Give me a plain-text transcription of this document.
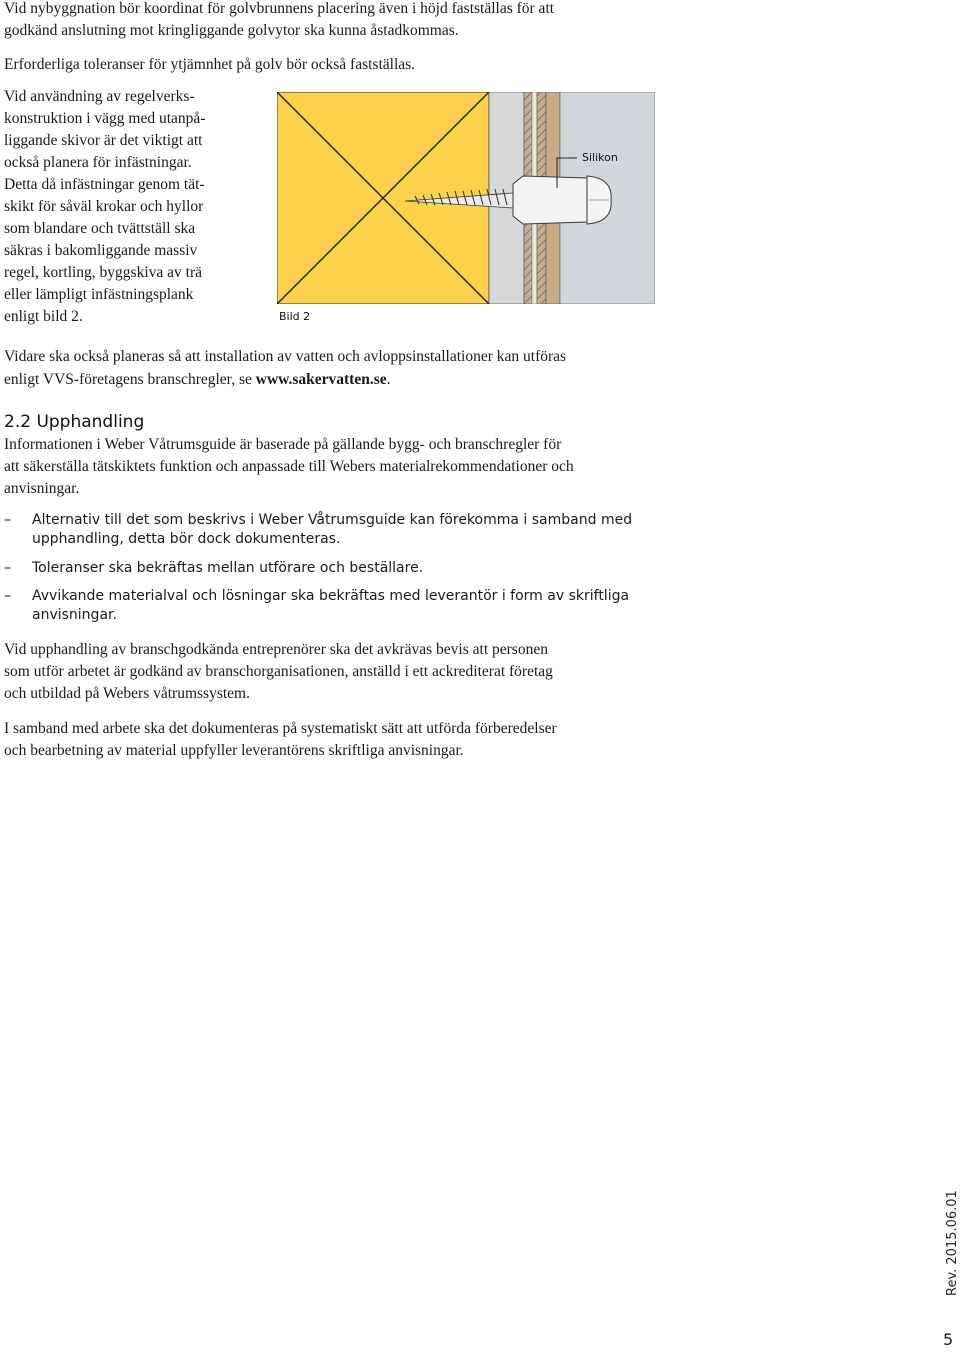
Vid nybyggnation bör koordinat för golvbrunnens placering även i höjd fastställas för att

godkänd anslutning mot kringliggande golvytor ska kunna åstadkommas.

Erforderliga toleranser för ytjämnhet på golv bör också fastställas.

Vid användning av regelverks-
konstruktion i vägg med utanpå-
liggande skivor är det viktigt att
också planera för infästningar.
Detta då infästningar genom tät-
skikt för såväl krokar och hyllor
som blandare och tvättställ ska
säkras i bakomliggande massiv
regel, kortling, byggskiva av trä
eller lämpligt infästningsplank
enligt bild 2.
Silikon
Bild 2

Vidare ska också planeras så att installation av vatten och avloppsinstallationer kan utföras

enligt VVS-företagens branschregler, se www.sakervatten.se.

2.2 Upphandling
Informationen i Weber Våtrumsguide är baserade på gällande bygg- och branschregler för
att säkerställa tätskiktets funktion och anpassade till Webers materialrekommendationer och
anvisningar.
– Alternativ till det som beskrivs i Weber Våtrumsguide kan förekomma i samband med
upphandling, detta bör dock dokumenteras.
– Toleranser ska bekräftas mellan utförare och beställare.
– Avvikande materialval och lösningar ska bekräftas med leverantör i form av skriftliga
anvisningar.
Vid upphandling av branschgodkända entreprenörer ska det avkrävas bevis att personen
som utför arbetet är godkänd av branschorganisationen, anställd i ett ackrediterat företag
och utbildad på Webers våtrumssystem.
I samband med arbete ska det dokumenteras på systematiskt sätt att utförda förberedelser
och bearbetning av material uppfyller leverantörens skriftliga anvisningar.
Rev. 2015.06.01
5
